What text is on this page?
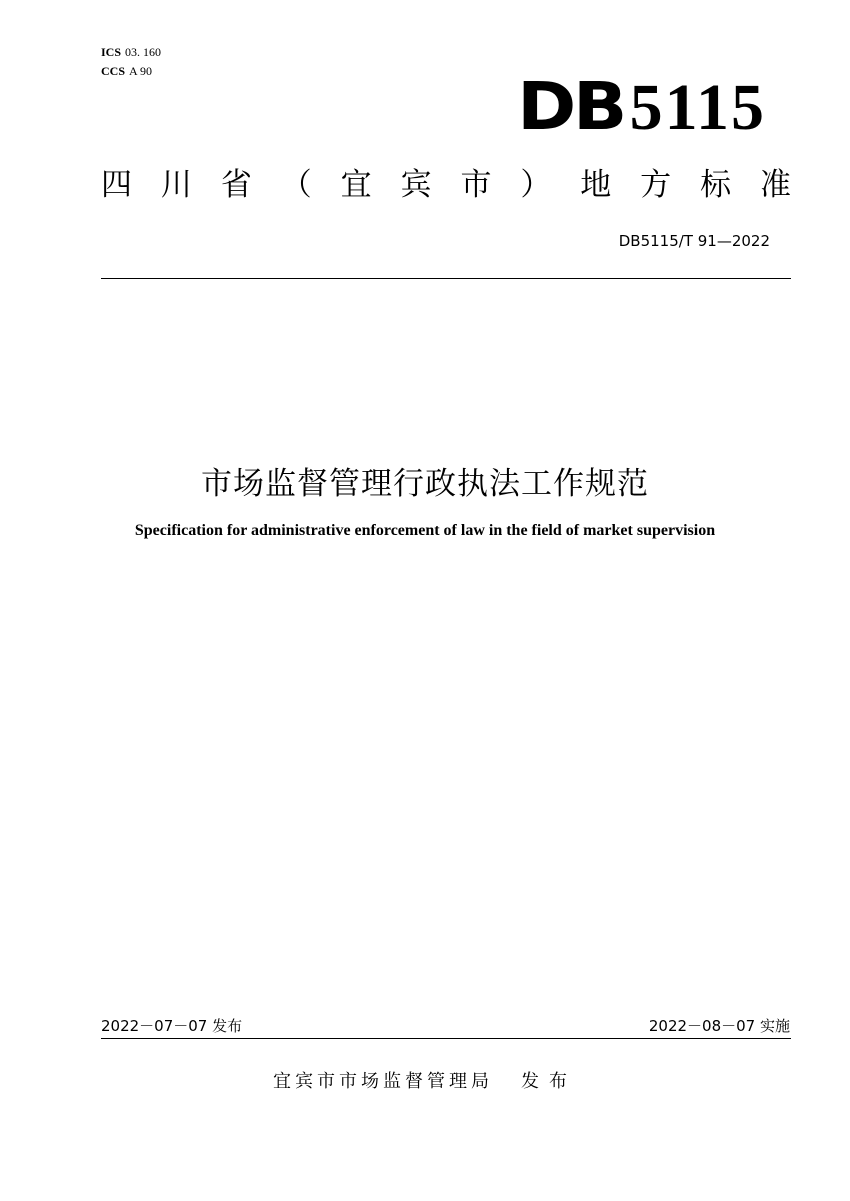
ICS 03. 160
CCS A 90	DB5115
四 川 省 （ 宜 宾 市 ） 地 方 标 准
DB5115/T 91—2022
市场监督管理行政执法工作规范
Specification for administrative enforcement of law in the field of market supervision
2022－07－07 发布	2022－08－07 实施
宜宾市市场监督管理局 发布
